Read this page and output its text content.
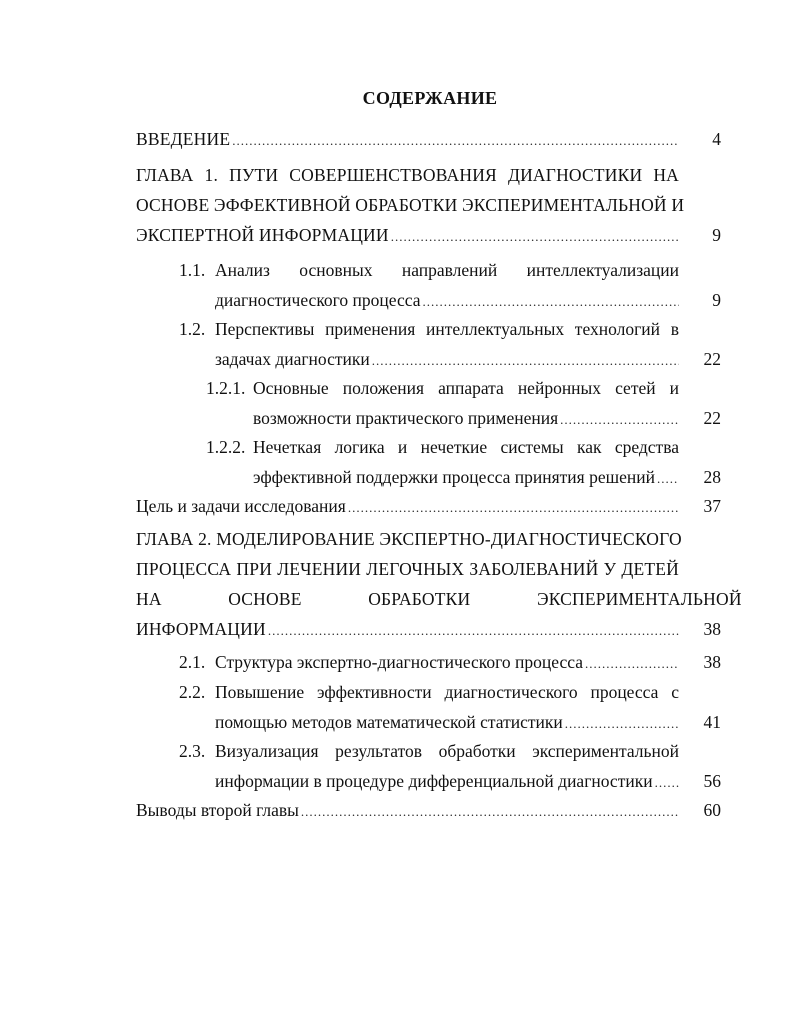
СОДЕРЖАНИЕ
ВВЕДЕНИЕ .....	4
ГЛАВА 1. ПУТИ СОВЕРШЕНСТВОВАНИЯ ДИАГНОСТИКИ НА
ОСНОВЕ ЭФФЕКТИВНОЙ ОБРАБОТКИ ЭКСПЕРИМЕНТАЛЬНОЙ И
ЭКСПЕРТНОЙ ИНФОРМАЦИИ .....	9
1.1. Анализ основных направлений интеллектуализации
диагностического процесса .....	9
1.2. Перспективы применения интеллектуальных технологий в
задачах диагностики .....	22
1.2.1. Основные положения аппарата нейронных сетей и
возможности практического применения .....	22
1.2.2. Нечеткая логика и нечеткие системы как средства
эффективной поддержки процесса принятия решений .....	28
Цель и задачи исследования .....	37
ГЛАВА 2. МОДЕЛИРОВАНИЕ ЭКСПЕРТНО-ДИАГНОСТИЧЕСКОГО
ПРОЦЕССА ПРИ ЛЕЧЕНИИ ЛЕГОЧНЫХ ЗАБОЛЕВАНИЙ У ДЕТЕЙ
НА ОСНОВЕ ОБРАБОТКИ ЭКСПЕРИМЕНТАЛЬНОЙ
ИНФОРМАЦИИ .....	38
2.1. Структура экспертно-диагностического процесса .....	38
2.2. Повышение эффективности диагностического процесса с
помощью методов математической статистики .....	41
2.3. Визуализация результатов обработки экспериментальной
информации в процедуре дифференциальной диагностики .....	56
Выводы второй главы .....	60
